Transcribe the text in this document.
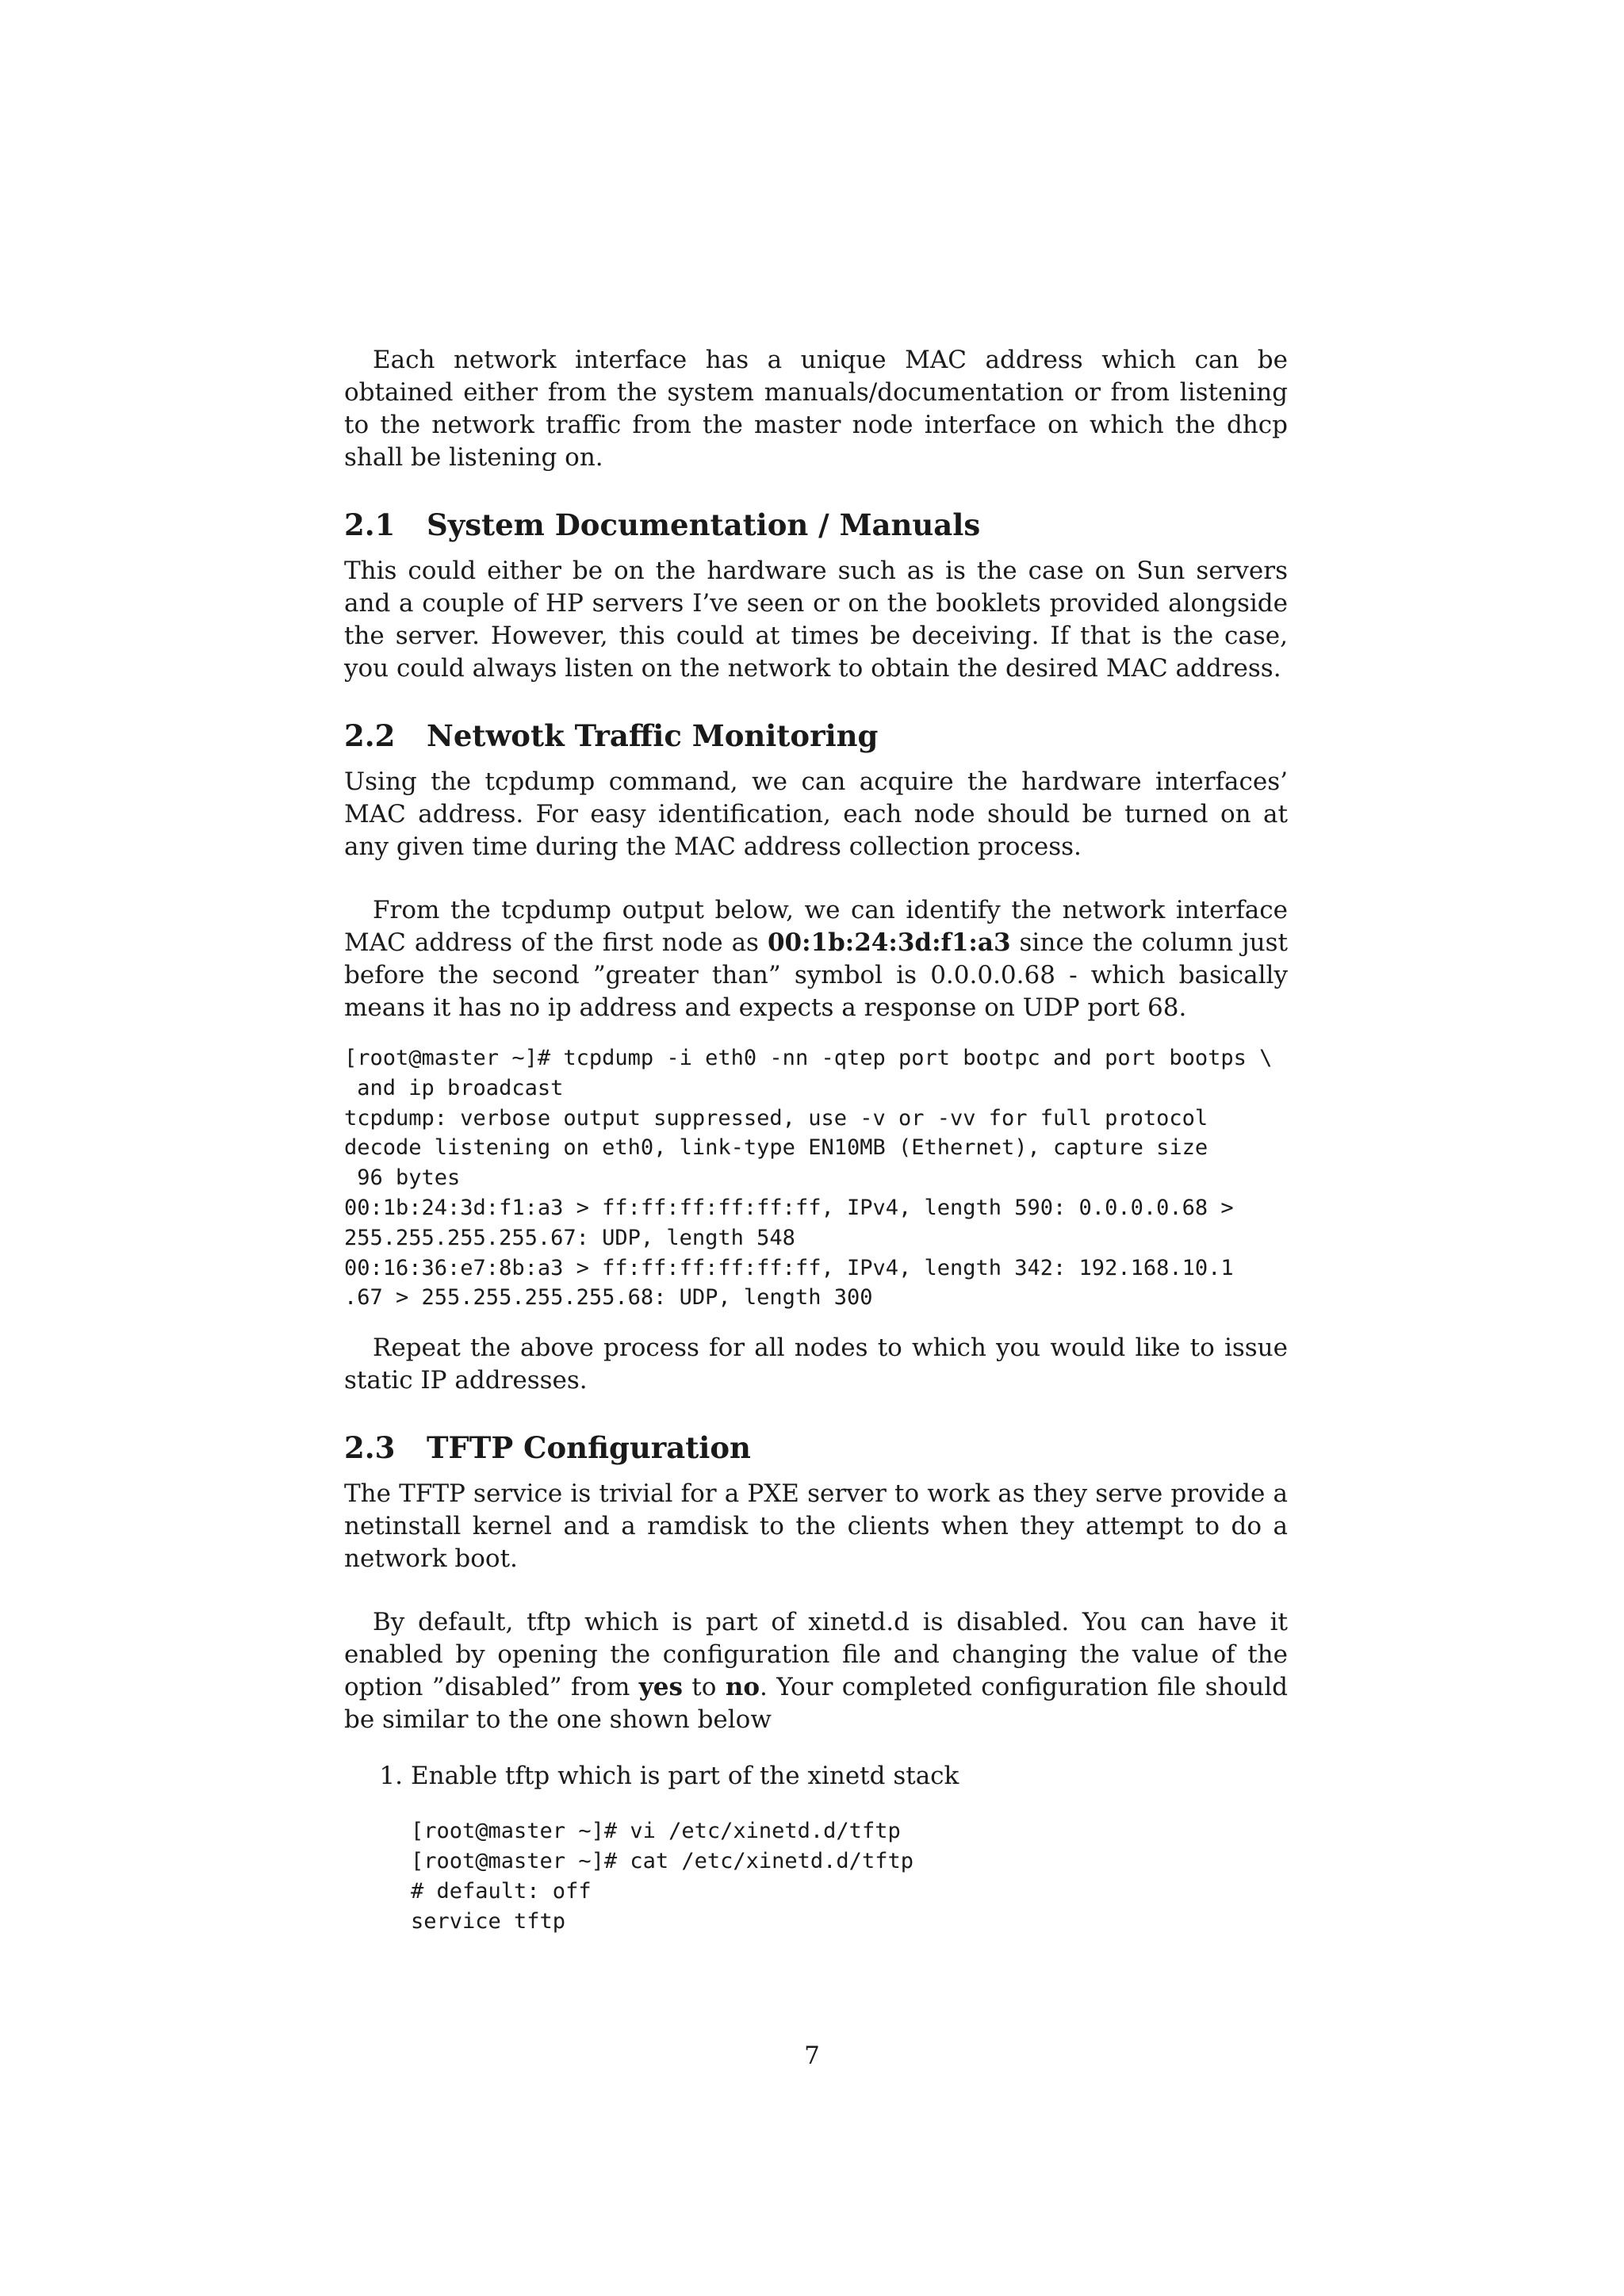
Each network interface has a unique MAC address which can be obtained either from the system manuals/documentation or from listening to the network traffic from the master node interface on which the dhcp shall be listening on.

2.1	System Documentation / Manuals

This could either be on the hardware such as is the case on Sun servers and a couple of HP servers I’ve seen or on the booklets provided alongside the server. However, this could at times be deceiving. If that is the case, you could always listen on the network to obtain the desired MAC address.

2.2	Netwotk Traffic Monitoring

Using the tcpdump command, we can acquire the hardware interfaces’ MAC address. For easy identification, each node should be turned on at any given time during the MAC address collection process.

From the tcpdump output below, we can identify the network interface MAC address of the first node as 00:1b:24:3d:f1:a3 since the column just before the second ”greater than” symbol is 0.0.0.0.68 - which basically means it has no ip address and expects a response on UDP port 68.

[root@master ~]# tcpdump -i eth0 -nn -qtep port bootpc and port bootps \
and ip broadcast
tcpdump: verbose output suppressed, use -v or -vv for full protocol
decode listening on eth0, link-type EN10MB (Ethernet), capture size
96 bytes
00:1b:24:3d:f1:a3 > ff:ff:ff:ff:ff:ff, IPv4, length 590: 0.0.0.0.68 >
255.255.255.255.67: UDP, length 548
00:16:36:e7:8b:a3 > ff:ff:ff:ff:ff:ff, IPv4, length 342: 192.168.10.1
.67 > 255.255.255.255.68: UDP, length 300

Repeat the above process for all nodes to which you would like to issue static IP addresses.

2.3	TFTP Configuration

The TFTP service is trivial for a PXE server to work as they serve provide a netinstall kernel and a ramdisk to the clients when they attempt to do a network boot.

By default, tftp which is part of xinetd.d is disabled. You can have it enabled by opening the configuration file and changing the value of the option ”disabled” from yes to no. Your completed configuration file should be similar to the one shown below

1. Enable tftp which is part of the xinetd stack
[root@master ~]# vi /etc/xinetd.d/tftp
[root@master ~]# cat /etc/xinetd.d/tftp
# default: off
service tftp
7
